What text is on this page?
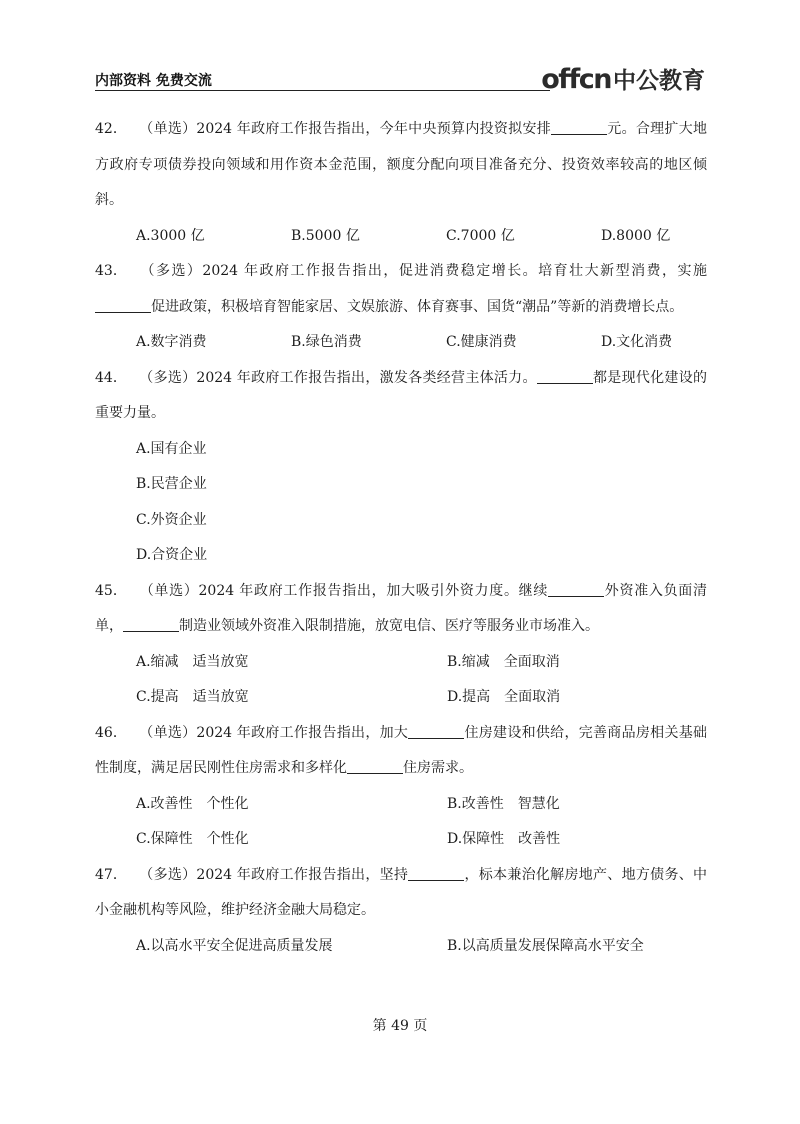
内部资料 免费交流	offcn中公教育
42． （单选）2024 年政府工作报告指出，今年中央预算内投资拟安排	元。合理扩大地方政府专项债券投向领域和用作资本金范围，额度分配向项目准备充分、投资效率较高的地区倾斜。
A.3000 亿	B.5000 亿	C.7000 亿	D.8000 亿
43． （多选）2024 年政府工作报告指出，促进消费稳定增长。培育壮大新型消费，实施促进政策，积极培育智能家居、文娱旅游、体育赛事、国货“潮品”等新的消费增长点。
A.数字消费	B.绿色消费	C.健康消费	D.文化消费
44． （多选）2024 年政府工作报告指出，激发各类经营主体活力。	都是现代化建设的重要力量。
A.国有企业
B.民营企业
C.外资企业
D.合资企业
45． （单选）2024 年政府工作报告指出，加大吸引外资力度。继续	外资准入负面清单，	制造业领域外资准入限制措施，放宽电信、医疗等服务业市场准入。
A.缩减　适当放宽	B.缩减　全面取消
C.提高　适当放宽	D.提高　全面取消
46． （单选）2024 年政府工作报告指出，加大	住房建设和供给，完善商品房相关基础性制度，满足居民刚性住房需求和多样化	住房需求。
A.改善性　个性化	B.改善性　智慧化
C.保障性　个性化	D.保障性　改善性
47． （多选）2024 年政府工作报告指出，坚持	，标本兼治化解房地产、地方债务、中小金融机构等风险，维护经济金融大局稳定。
A.以高水平安全促进高质量发展	B.以高质量发展保障高水平安全
第 49 页
